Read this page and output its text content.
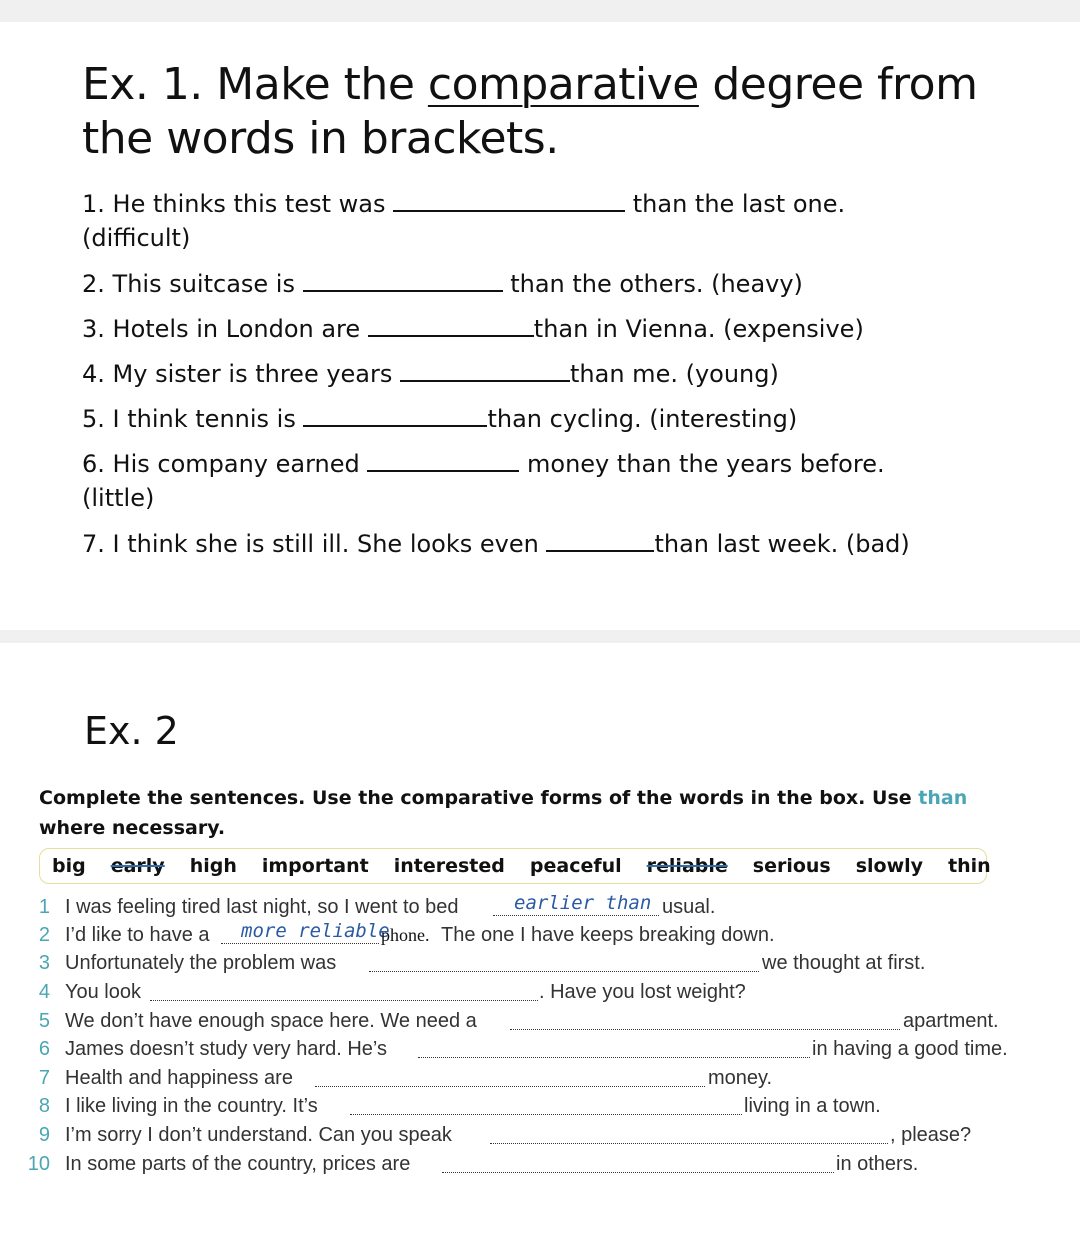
Ex. 1. Make the comparative degree from the words in brackets.
1. He thinks this test was	than the last one.
(difficult)
2. This suitcase is	than the others. (heavy)
3. Hotels in London are	than in Vienna. (expensive)
4. My sister is three years	than me. (young)
5. I think tennis is	than cycling. (interesting)
6. His company earned	money than the years before.
(little)
7. I think she is still ill. She looks even	than last week. (bad)
Ex. 2
Complete the sentences. Use the comparative forms of the words in the box. Use than where necessary.
big early high important interested peaceful reliable serious slowly thin
1 I was feeling tired last night, so I went to bed	earlier than usual.
2 I’d like to have a more reliable
phone. The one I have keeps breaking down.
3 Unfortunately the problem was	we thought at first.
4 You look	. Have you lost weight?
5 We don’t have enough space here. We need a	apartment.
6 James doesn’t study very hard. He’s	in having a good time.
7 Health and happiness are	money.
8 I like living in the country. It’s	living in a town.
9 I’m sorry I don’t understand. Can you speak	, please?
10 In some parts of the country, prices are	in others.
